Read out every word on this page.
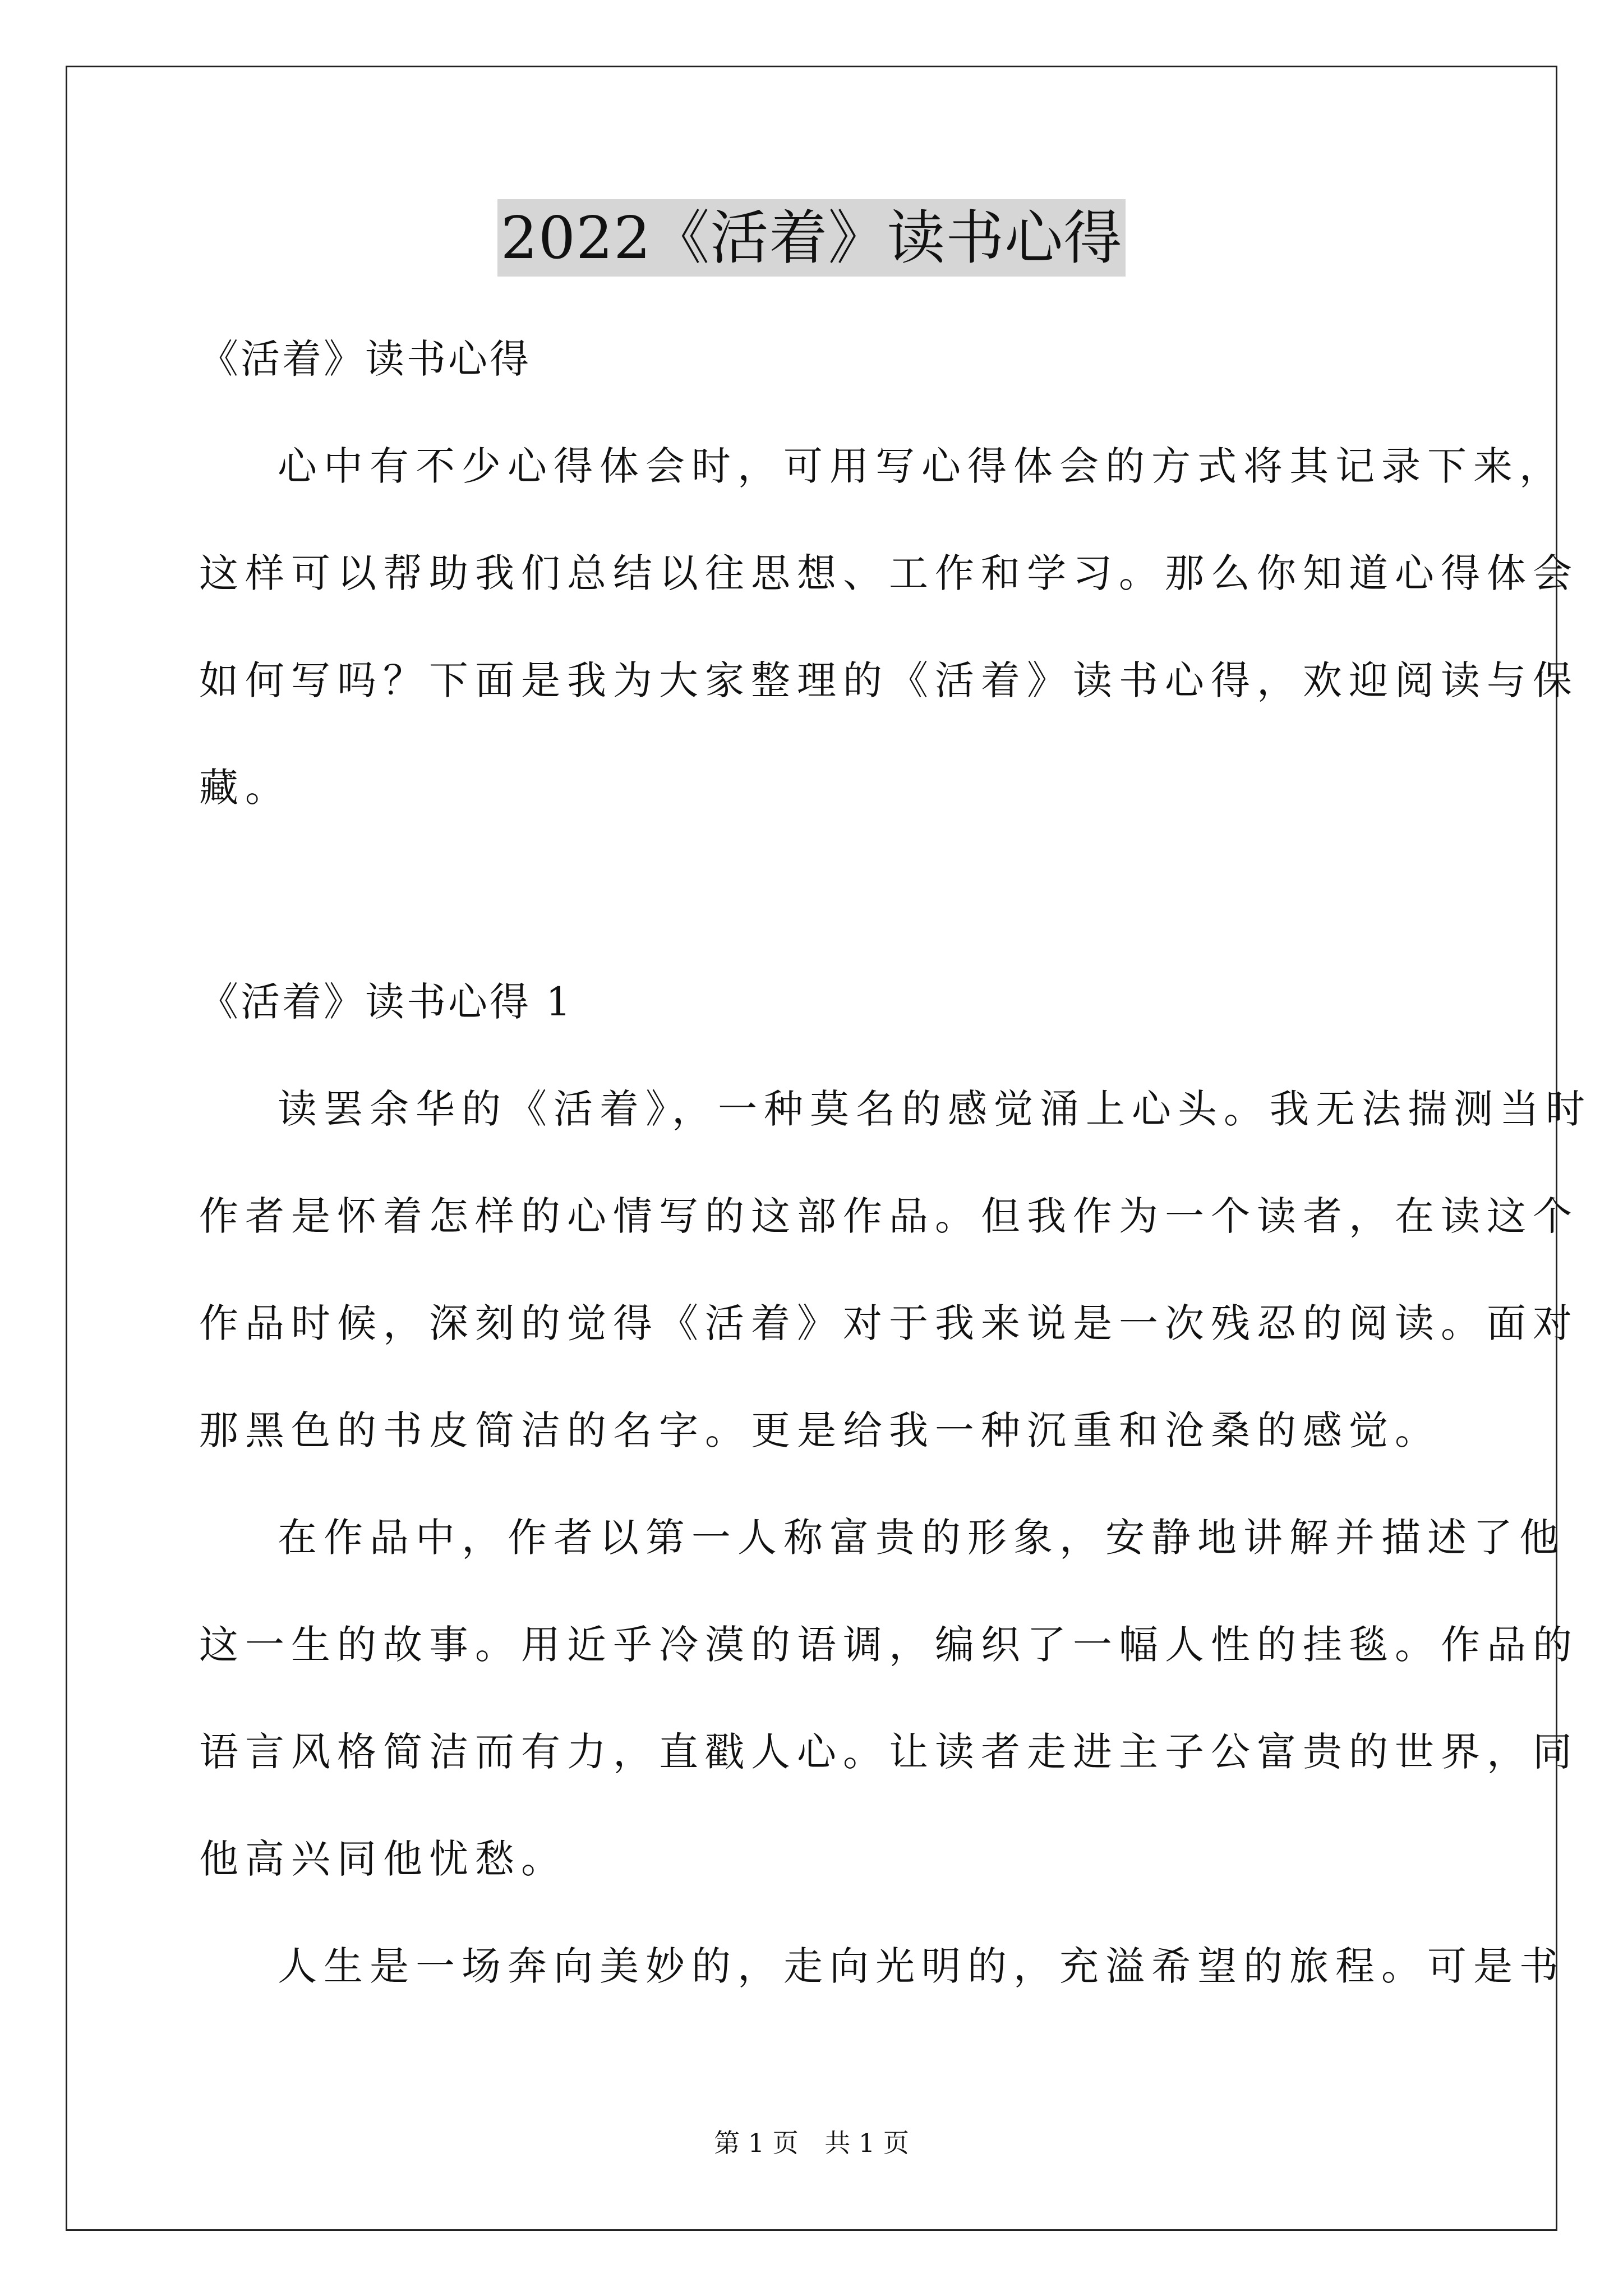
2022《活着》读书心得
《活着》读书心得
心中有不少心得体会时，可用写心得体会的方式将其记录下来，
这样可以帮助我们总结以往思想、工作和学习。那么你知道心得体会
如何写吗？下面是我为大家整理的《活着》读书心得，欢迎阅读与保
藏。
《活着》读书心得 1
读罢余华的《活着》，一种莫名的感觉涌上心头。我无法揣测当时
作者是怀着怎样的心情写的这部作品。但我作为一个读者，在读这个
作品时候，深刻的觉得《活着》对于我来说是一次残忍的阅读。面对
那黑色的书皮简洁的名字。更是给我一种沉重和沧桑的感觉。
在作品中，作者以第一人称富贵的形象，安静地讲解并描述了他
这一生的故事。用近乎冷漠的语调，编织了一幅人性的挂毯。作品的
语言风格简洁而有力，直戳人心。让读者走进主子公富贵的世界，同
他高兴同他忧愁。
人生是一场奔向美妙的，走向光明的，充溢希望的旅程。可是书
第 1 页 共 1 页
